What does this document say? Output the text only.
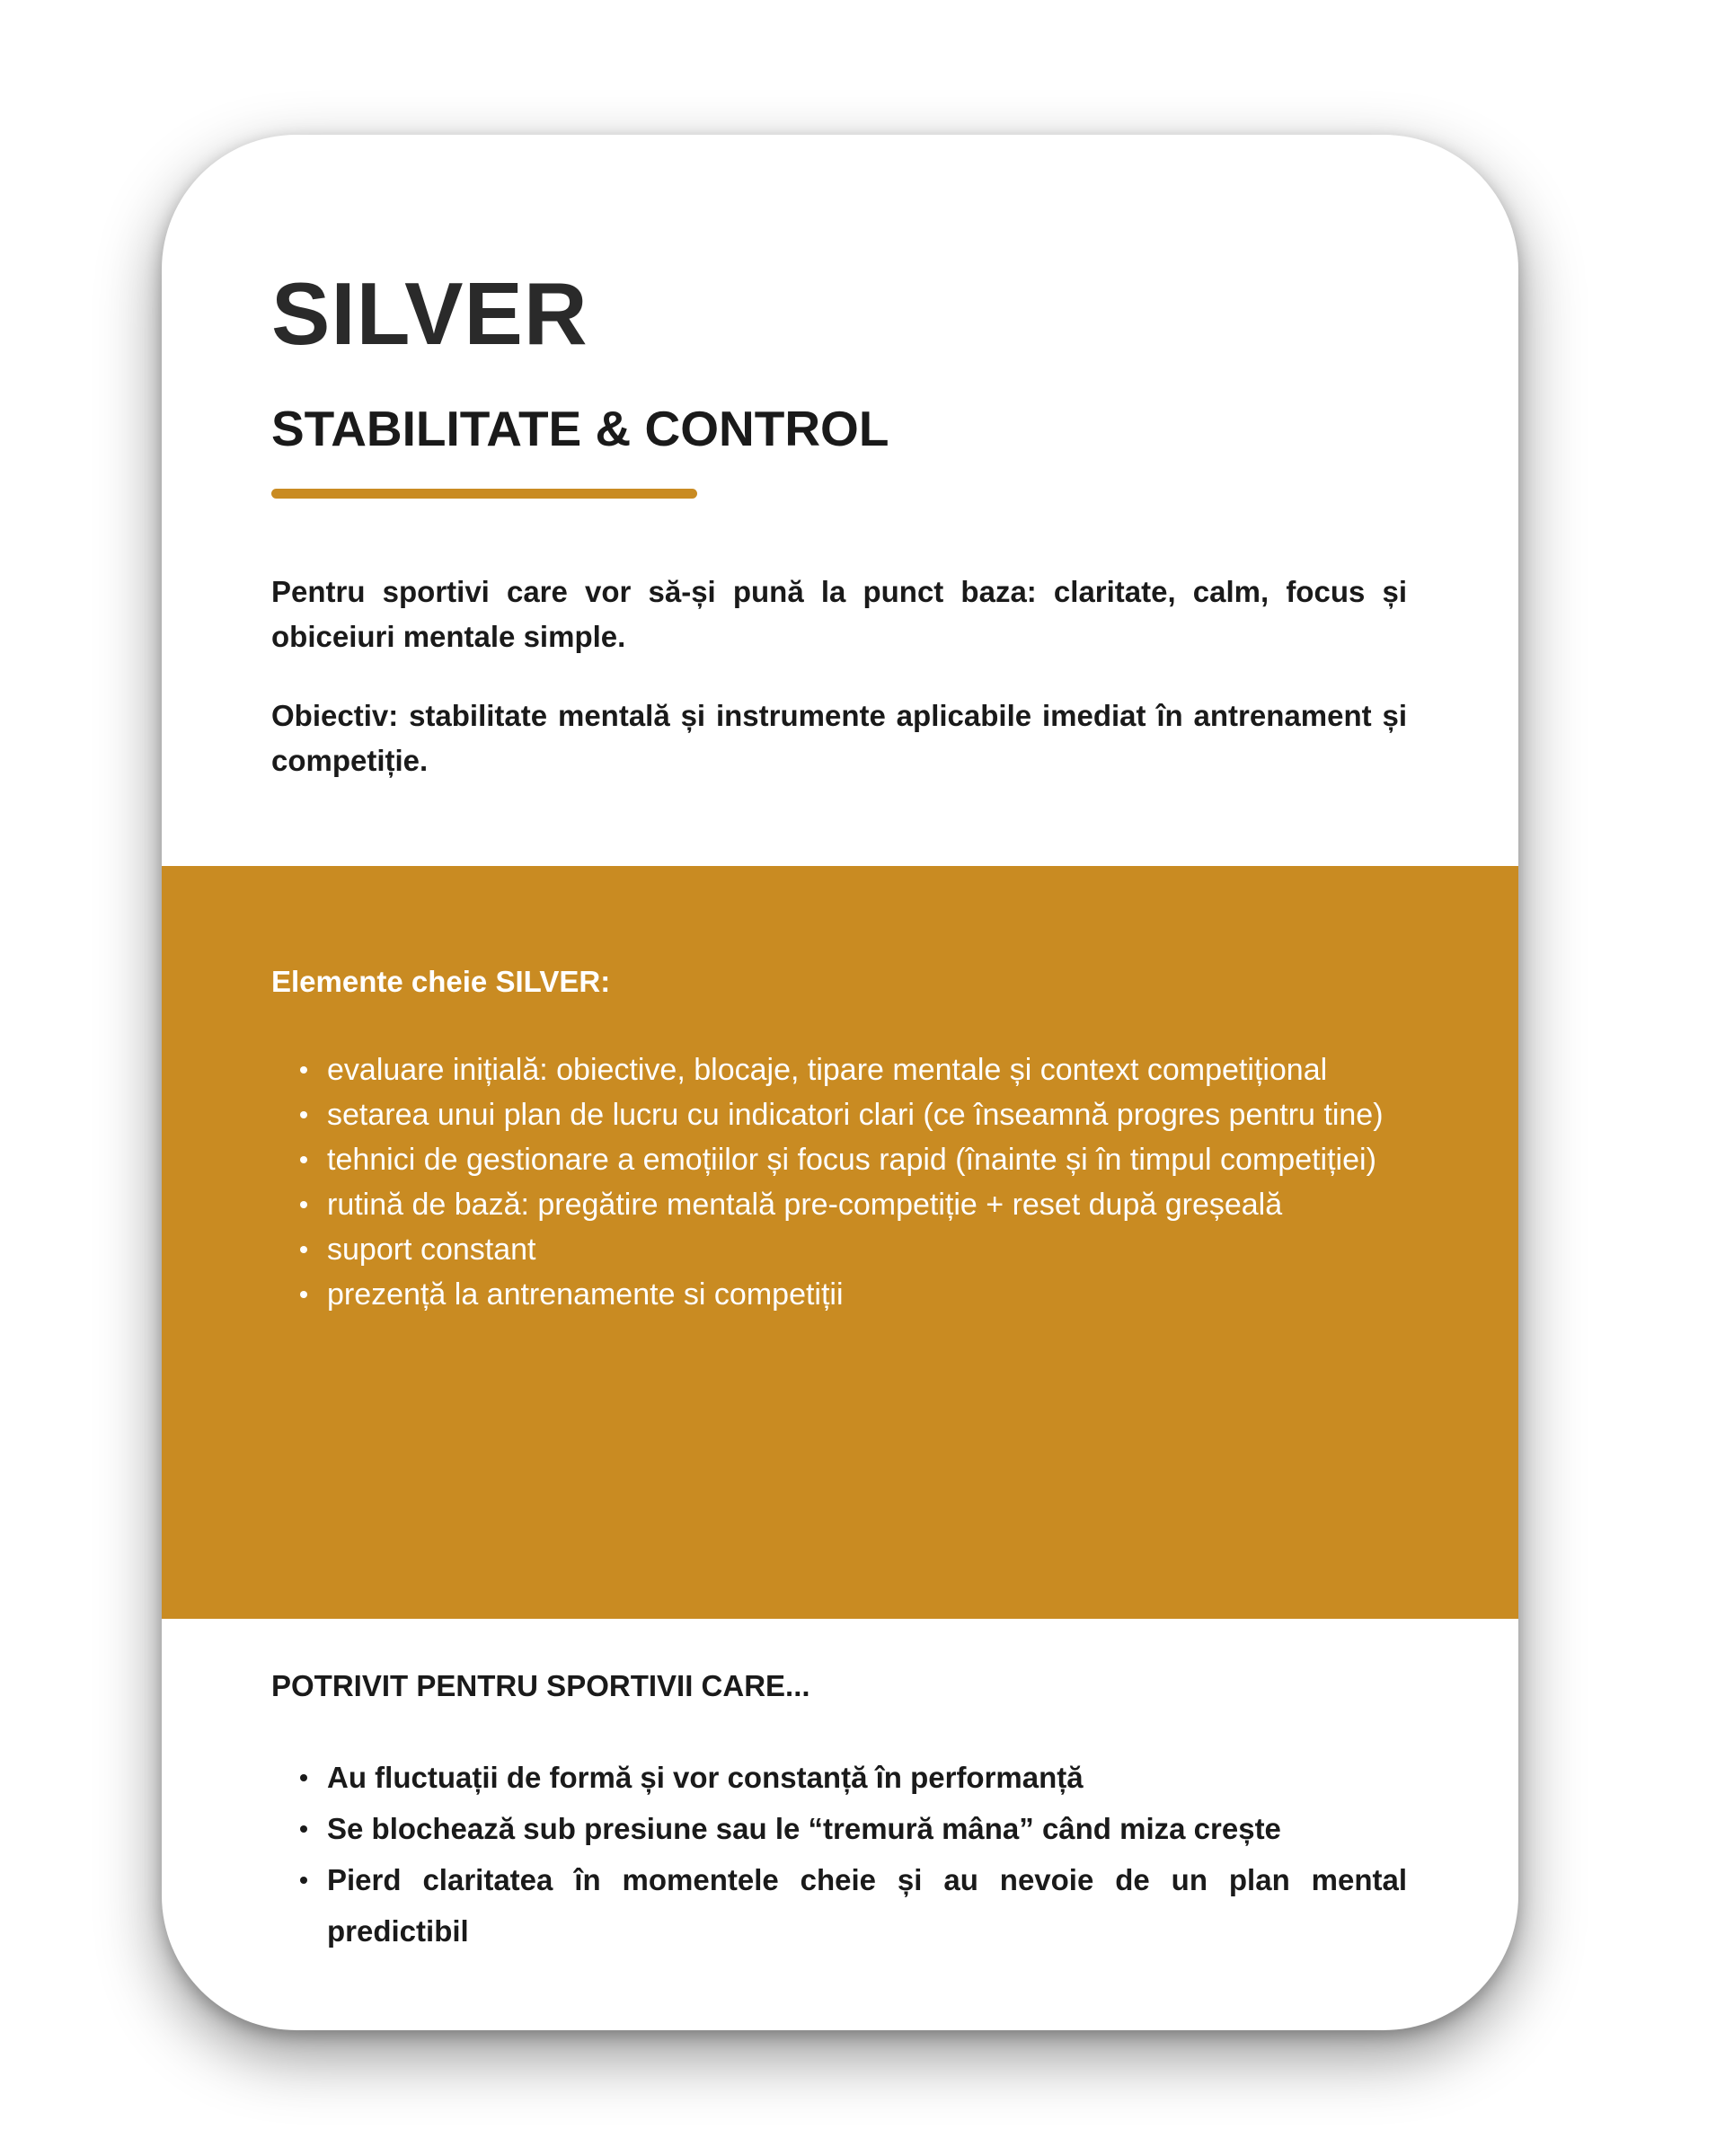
SILVER
STABILITATE & CONTROL

Pentru sportivi care vor să-și pună la punct baza: claritate, calm, focus și obiceiuri mentale simple.

Obiectiv: stabilitate mentală și instrumente aplicabile imediat în antrenament și competiție.

Elemente cheie SILVER:
evaluare inițială: obiective, blocaje, tipare mentale și context competițional
setarea unui plan de lucru cu indicatori clari (ce înseamnă progres pentru tine)
tehnici de gestionare a emoțiilor și focus rapid (înainte și în timpul competiției)
rutină de bază: pregătire mentală pre-competiție + reset după greșeală
suport constant
prezență la antrenamente si competiții
POTRIVIT PENTRU SPORTIVII CARE...
Au fluctuații de formă și vor constanță în performanță
Se blochează sub presiune sau le “tremură mâna” când miza crește
Pierd claritatea în momentele cheie și au nevoie de un plan mental predictibil
